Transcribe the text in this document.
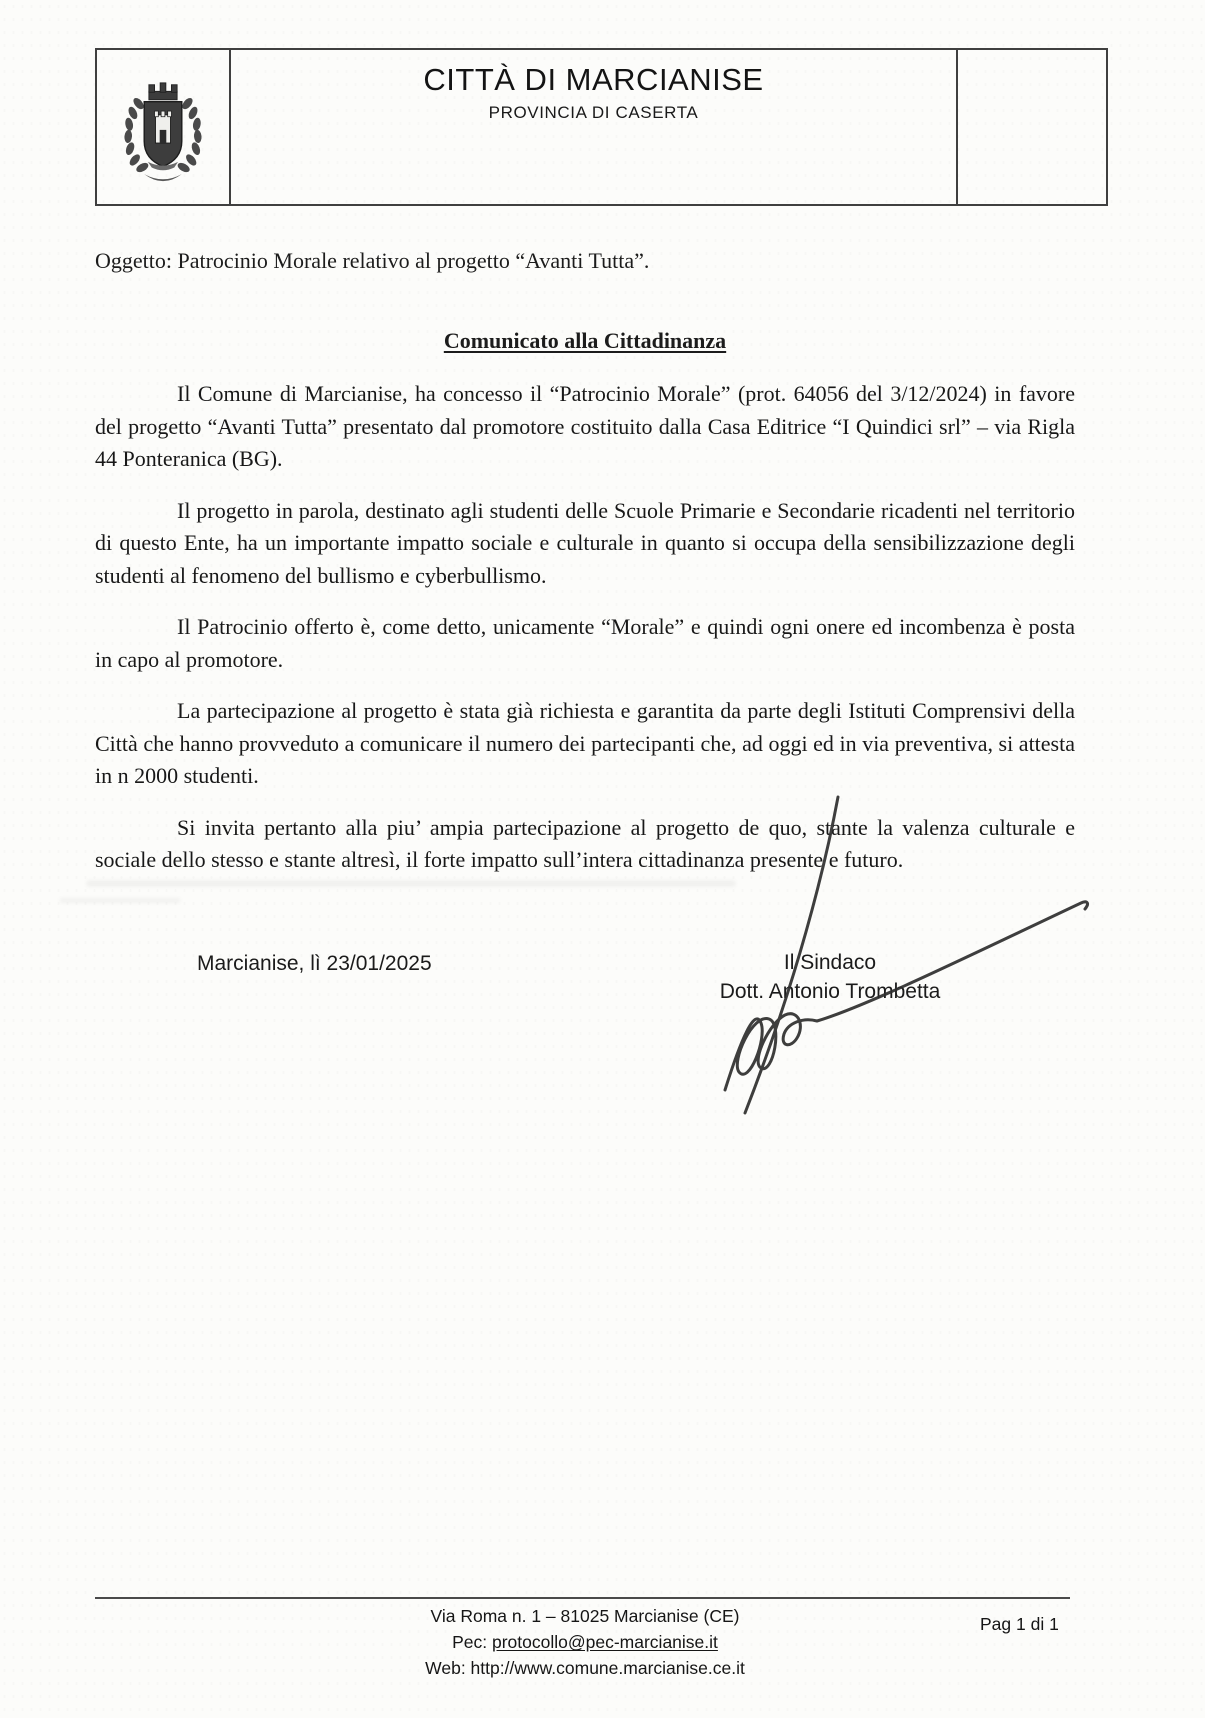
CITTÀ DI MARCIANISE
PROVINCIA DI CASERTA
Oggetto: Patrocinio Morale relativo al progetto “Avanti Tutta”.
Comunicato alla Cittadinanza

Il Comune di Marcianise, ha concesso il “Patrocinio Morale” (prot. 64056 del 3/12/2024) in favore del progetto “Avanti Tutta” presentato dal promotore costituito dalla Casa Editrice “I Quindici srl” – via Rigla 44 Ponteranica (BG).

Il progetto in parola, destinato agli studenti delle Scuole Primarie e Secondarie ricadenti nel territorio di questo Ente, ha un importante impatto sociale e culturale in quanto si occupa della sensibilizzazione degli studenti al fenomeno del bullismo e cyberbullismo.

Il Patrocinio offerto è, come detto, unicamente “Morale” e quindi ogni onere ed incombenza è posta in capo al promotore.

La partecipazione al progetto è stata già richiesta e garantita da parte degli Istituti Comprensivi della Città che hanno provveduto a comunicare il numero dei partecipanti che, ad oggi ed in via preventiva, si attesta in n 2000 studenti.

Si invita pertanto alla piu’ ampia partecipazione al progetto de quo, stante la valenza culturale e sociale dello stesso e stante altresì, il forte impatto sull’intera cittadinanza presente e futuro.

Marcianise, lì 23/01/2025	Il Sindaco
Dott. Antonio Trombetta
Via Roma n. 1 – 81025 Marcianise (CE)
Pec: protocollo@pec-marcianise.it
Web: http://www.comune.marcianise.ce.it
Pag 1 di 1
